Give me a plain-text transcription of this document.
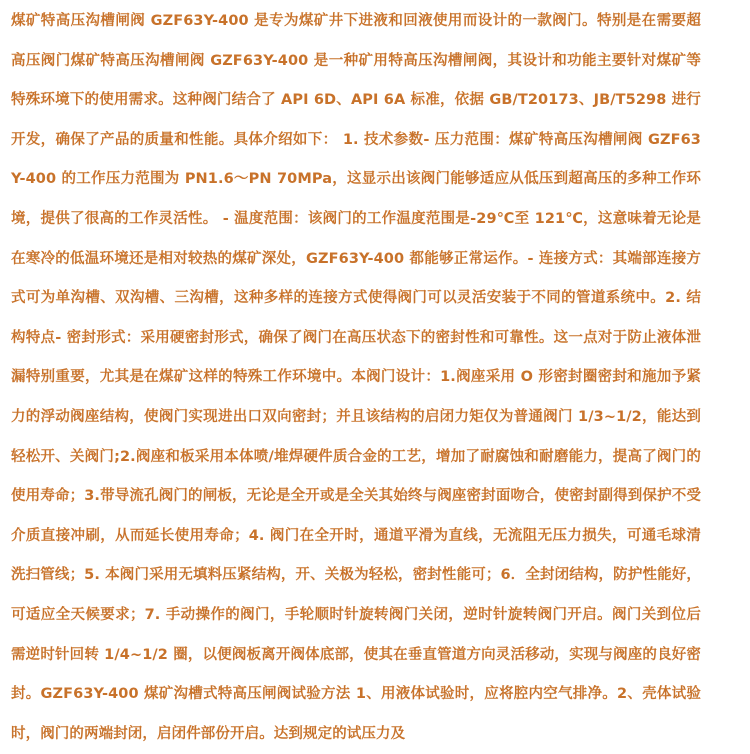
煤矿特高压沟槽闸阀 GZF63Y-400 是专为煤矿井下进液和回液使用而设计的一款阀门。特别是在需要超高压阀门煤矿特高压沟槽闸阀 GZF63Y-400 是一种矿用特高压沟槽闸阀，其设计和功能主要针对煤矿等特殊环境下的使用需求。这种阀门结合了 API 6D、API 6A 标准，依据 GB/T20173、JB/T5298 进行开发，确保了产品的质量和性能。具体介绍如下： 1. 技术参数- 压力范围：煤矿特高压沟槽闸阀 GZF63Y-400 的工作压力范围为 PN1.6～PN 70MPa，这显示出该阀门能够适应从低压到超高压的多种工作环境，提供了很高的工作灵活性。 - 温度范围：该阀门的工作温度范围是-29℃至 121℃，这意味着无论是在寒冷的低温环境还是相对较热的煤矿深处，GZF63Y-400 都能够正常运作。- 连接方式：其端部连接方式可为单沟槽、双沟槽、三沟槽，这种多样的连接方式使得阀门可以灵活安装于不同的管道系统中。2. 结构特点- 密封形式：采用硬密封形式，确保了阀门在高压状态下的密封性和可靠性。这一点对于防止液体泄漏特别重要，尤其是在煤矿这样的特殊工作环境中。本阀门设计：1.阀座采用 O 形密封圈密封和施加予紧力的浮动阀座结构，使阀门实现进出口双向密封；并且该结构的启闭力矩仅为普通阀门 1/3~1/2，能达到轻松开、关阀门;2.阀座和板采用本体喷/堆焊硬件质合金的工艺，增加了耐腐蚀和耐磨能力，提高了阀门的使用寿命；3.带导流孔阀门的闸板，无论是全开或是全关其始终与阀座密封面吻合，使密封副得到保护不受介质直接冲刷，从而延长使用寿命；4. 阀门在全开时，通道平滑为直线，无流阻无压力损失，可通毛球清洗扫管线；5. 本阀门采用无填料压紧结构，开、关极为轻松，密封性能可；6．全封闭结构，防护性能好，可适应全天候要求；7. 手动操作的阀门，手轮顺时针旋转阀门关闭，逆时针旋转阀门开启。阀门关到位后需逆时针回转 1/4~1/2 圈，以便阀板离开阀体底部，使其在垂直管道方向灵活移动，实现与阀座的良好密封。GZF63Y-400 煤矿沟槽式特高压闸阀试验方法 1、用液体试验时，应将腔内空气排净。2、壳体试验时，阀门的两端封闭，启闭件部份开启。达到规定的试压力及
